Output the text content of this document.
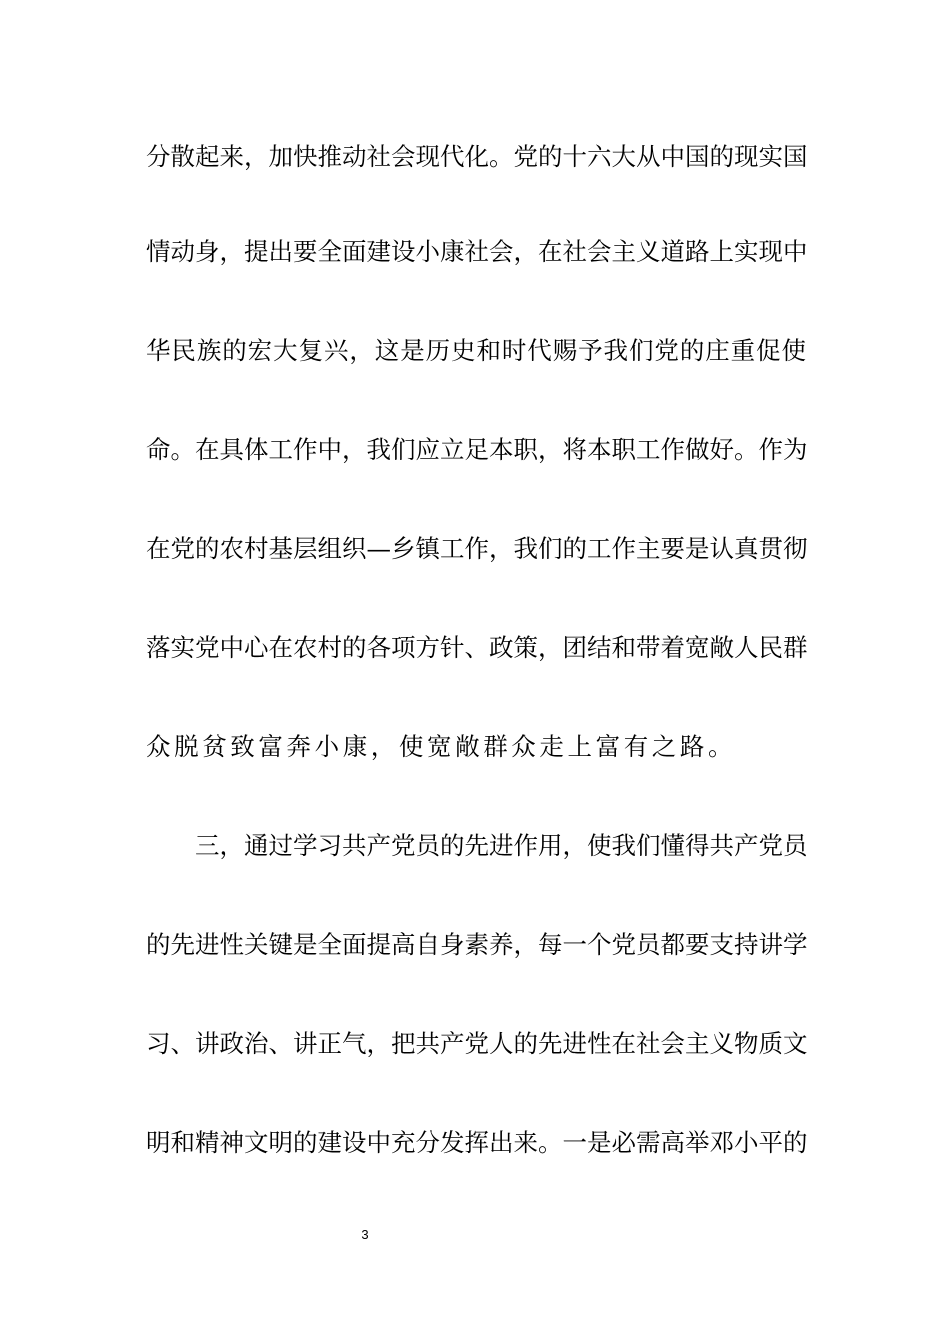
分散起来，加快推动社会现代化。党的十六大从中国的现实国
情动身，提出要全面建设小康社会，在社会主义道路上实现中
华民族的宏大复兴，这是历史和时代赐予我们党的庄重促使
命。在具体工作中，我们应立足本职，将本职工作做好。作为
在党的农村基层组织—乡镇工作，我们的工作主要是认真贯彻
落实党中心在农村的各项方针、政策，团结和带着宽敞人民群
众脱贫致富奔小康，使宽敞群众走上富有之路。
三，通过学习共产党员的先进作用，使我们懂得共产党员
的先进性关键是全面提高自身素养，每一个党员都要支持讲学
习、讲政治、讲正气，把共产党人的先进性在社会主义物质文
明和精神文明的建设中充分发挥出来。一是必需高举邓小平的
3
